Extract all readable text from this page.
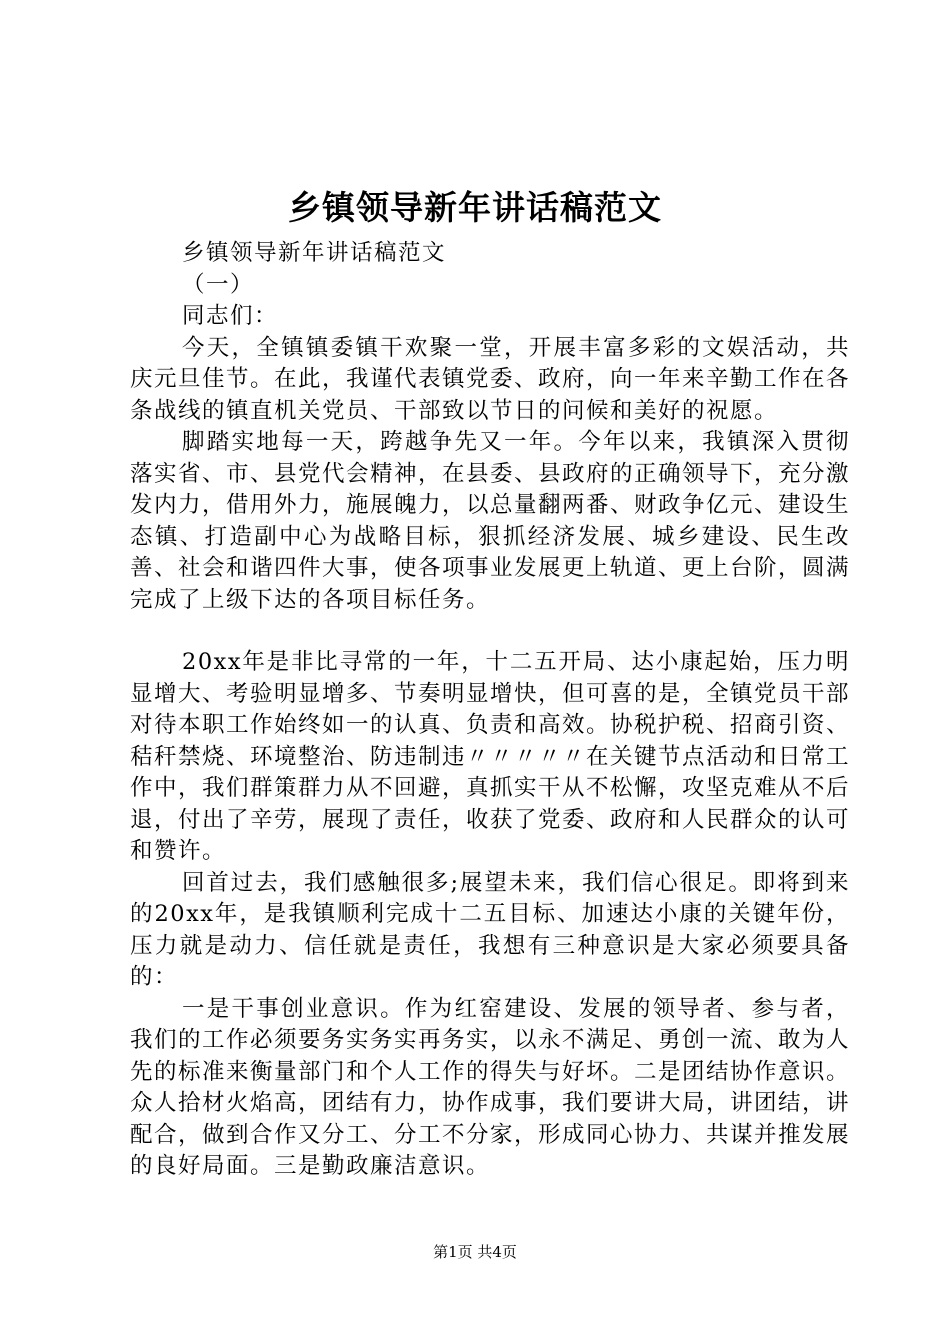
乡镇领导新年讲话稿范文

乡镇领导新年讲话稿范文

（一）

同志们：

今天，全镇镇委镇干欢聚一堂，开展丰富多彩的文娱活动，共庆元旦佳节。在此，我谨代表镇党委、政府，向一年来辛勤工作在各条战线的镇直机关党员、干部致以节日的问候和美好的祝愿。

脚踏实地每一天，跨越争先又一年。今年以来，我镇深入贯彻落实省、市、县党代会精神，在县委、县政府的正确领导下，充分激发内力，借用外力，施展魄力，以总量翻两番、财政争亿元、建设生态镇、打造副中心为战略目标，狠抓经济发展、城乡建设、民生改善、社会和谐四件大事，使各项事业发展更上轨道、更上台阶，圆满完成了上级下达的各项目标任务。

20xx年是非比寻常的一年，十二五开局、达小康起始，压力明显增大、考验明显增多、节奏明显增快，但可喜的是，全镇党员干部对待本职工作始终如一的认真、负责和高效。协税护税、招商引资、秸秆禁烧、环境整治、防违制违〃〃〃〃〃在关键节点活动和日常工作中，我们群策群力从不回避，真抓实干从不松懈，攻坚克难从不后退，付出了辛劳，展现了责任，收获了党委、政府和人民群众的认可和赞许。

回首过去，我们感触很多;展望未来，我们信心很足。即将到来的20xx年，是我镇顺利完成十二五目标、加速达小康的关键年份，压力就是动力、信任就是责任，我想有三种意识是大家必须要具备的：

一是干事创业意识。作为红窑建设、发展的领导者、参与者，我们的工作必须要务实务实再务实，以永不满足、勇创一流、敢为人先的标准来衡量部门和个人工作的得失与好坏。二是团结协作意识。众人拾材火焰高，团结有力，协作成事，我们要讲大局，讲团结，讲配合，做到合作又分工、分工不分家，形成同心协力、共谋并推发展的良好局面。三是勤政廉洁意识。

第1页 共4页
